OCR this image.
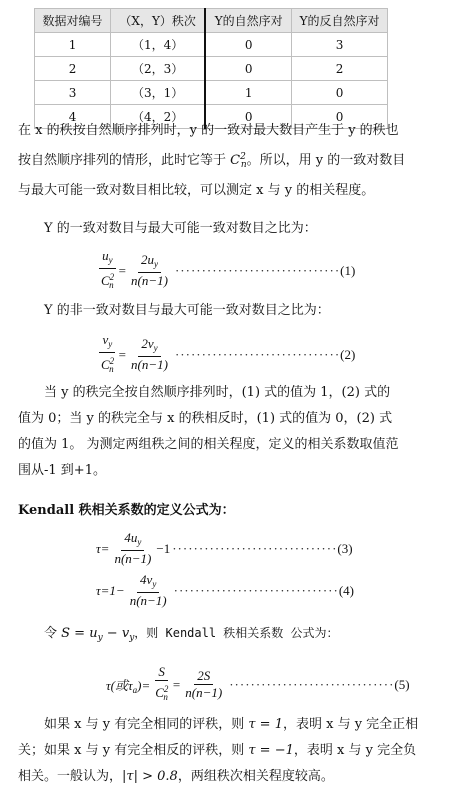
数据对编号	（X，Y）秩次	Y的自然序对	Y的反自然序对
1	（1，4）	0	3
2	（2，3）	0	2
3	（3，1）	1	0
4	（4，2）	0	0
在 x 的秩按自然顺序排列时，y 的一致对最大数目产生于 y 的秩也
按自然顺序排列的情形，此时它等于 $C^2_n$。所以，用 y 的一致对数目
与最大可能一致对数目相比较，可以测定 x 与 y 的相关程度。
Y 的一致对数目与最大可能一致对数目之比为：
$\frac{u_y}{C^2_n} = \frac{2u_y}{n(n-1)}$ ······························· (1)
Y 的非一致对数目与最大可能一致对数目之比为：
$\frac{v_y}{C^2_n} = \frac{2v_y}{n(n-1)}$ ······························· (2)
当 y 的秩完全按自然顺序排列时，(1) 式的值为 1，(2) 式的
值为 0；当 y 的秩完全与 x 的秩相反时，(1) 式的值为 0，(2) 式
的值为 1。 为测定两组秩之间的相关程度，定义的相关系数取值范
围从-1 到+1。
Kendall 秩相关系数的定义公式为：
$\tau= \frac{4u_y}{n(n-1)} -1$ ······························· (3)
$\tau=1- \frac{4v_y}{n(n-1)}$ ······························· (4)
令 $S = u_y - v_y$，则 Kendall 秩相关系数 公式为：
τ(或$\tau_a)= \frac{S}{C^2_n} = \frac{2S}{n(n-1)}$ ······························· (5)
如果 x 与 y 有完全相同的评秩，则 τ = 1，表明 x 与 y 完全正相
关；如果 x 与 y 有完全相反的评秩，则 τ = −1，表明 x 与 y 完全负
相关。一般认为，|τ| > 0.8，两组秩次相关程度较高。
